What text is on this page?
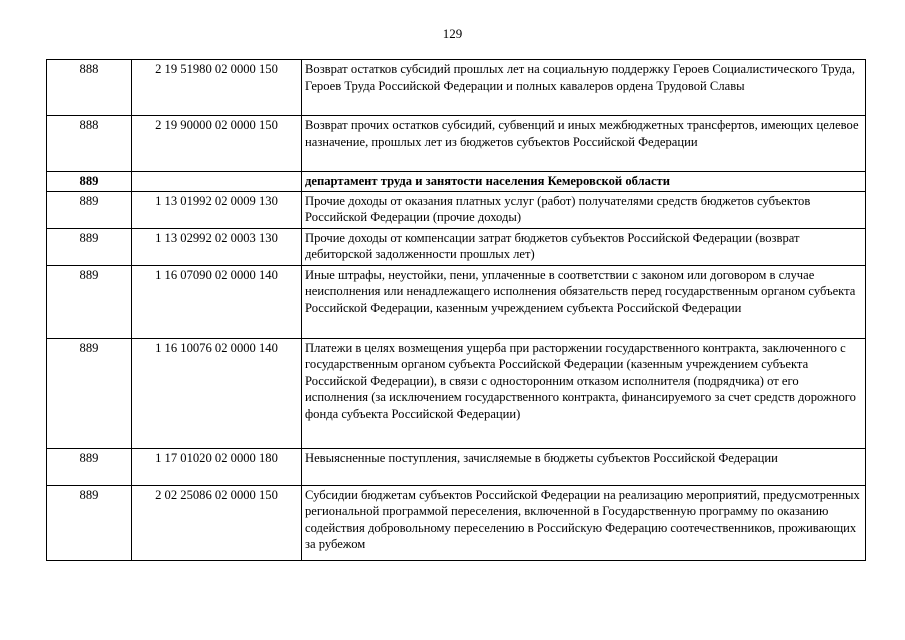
129
888	2 19 51980 02 0000 150	Возврат остатков субсидий прошлых лет на социальную поддержку Героев Социалистического Труда, Героев Труда Российской Федерации и полных кавалеров ордена Трудовой Славы
888	2 19 90000 02 0000 150	Возврат прочих остатков субсидий, субвенций и иных межбюджетных трансфертов, имеющих целевое назначение, прошлых лет из бюджетов субъектов Российской Федерации
889		департамент труда и занятости населения Кемеровской области
889	1 13 01992 02 0009 130	Прочие доходы от оказания платных услуг (работ) получателями средств бюджетов субъектов Российской Федерации (прочие доходы)
889	1 13 02992 02 0003 130	Прочие доходы от компенсации затрат бюджетов субъектов Российской Федерации (возврат дебиторской задолженности прошлых лет)
889	1 16 07090 02 0000 140	Иные штрафы, неустойки, пени, уплаченные в соответствии с законом или договором в случае неисполнения или ненадлежащего исполнения обязательств перед государственным органом субъекта Российской Федерации, казенным учреждением субъекта Российской Федерации
889	1 16 10076 02 0000 140	Платежи в целях возмещения ущерба при расторжении государственного контракта, заключенного с государственным органом субъекта Российской Федерации (казенным учреждением субъекта Российской Федерации), в связи с односторонним отказом исполнителя (подрядчика) от его исполнения (за исключением государственного контракта, финансируемого за счет средств дорожного фонда субъекта Российской Федерации)
889	1 17 01020 02 0000 180	Невыясненные поступления, зачисляемые в бюджеты субъектов Российской Федерации
889	2 02 25086 02 0000 150	Субсидии бюджетам субъектов Российской Федерации на реализацию мероприятий, предусмотренных региональной программой переселения, включенной в Государственную программу по оказанию содействия добровольному переселению в Российскую Федерацию соотечественников, проживающих за рубежом
